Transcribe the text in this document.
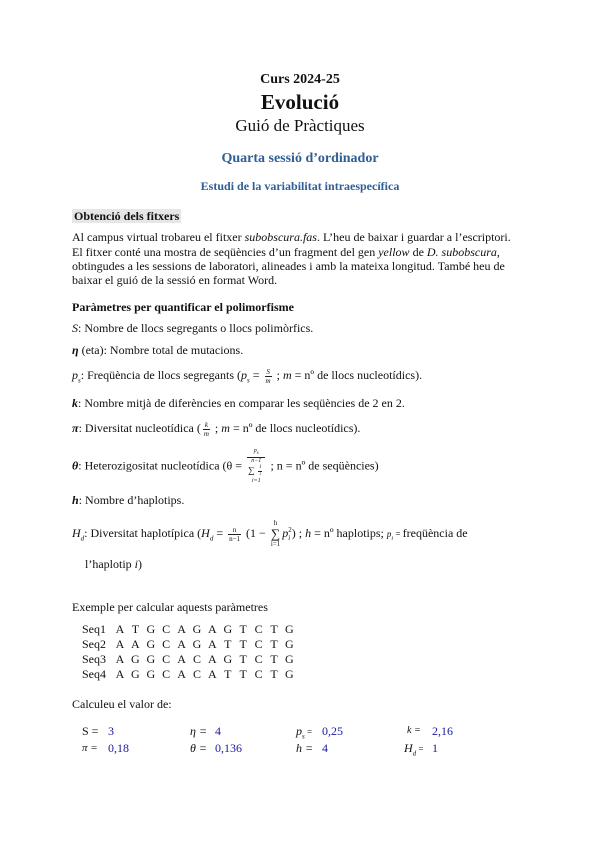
Curs 2024-25
Evolució
Guió de Pràctiques
Quarta sessió d’ordinador
Estudi de la variabilitat intraespecífica
Obtenció dels fitxers
Al campus virtual trobareu el fitxer subobscura.fas. L’heu de baixar i guardar a l’escriptori.
El fitxer conté una mostra de seqüències d’un fragment del gen yellow de D. subobscura,
obtingudes a les sessions de laboratori, alineades i amb la mateixa longitud. També heu de
baixar el guió de la sessió en format Word.
Paràmetres per quantificar el polimorfisme
S: Nombre de llocs segregants o llocs polimòrfics.
η (eta): Nombre total de mutacions.
$p_s$: Freqüència de llocs segregants ($p_s = \frac{S}{m}$ ; m = nº de llocs nucleotídics).
k: Nombre mitjà de diferències en comparar les seqüències de 2 en 2.
π: Diversitat nucleotídica ( $\frac{k}{m}$ ; m = nº de llocs nucleotídics).
θ: Heterozigositat nucleotídica ($\theta = p_s$
n−1
∑ $\frac{1}{i}$
i=1 ; n = nº de seqüències)
h: Nombre d’haplotips.
$H_d$: Diversitat haplotípica ($H_d = \frac{n}{n-1} (1$ −
h
∑
i=1
p 2
i ) ; h = nº haplotips; $p_i$ = freqüència de
l’haplotip i)
Exemple per calcular aquests paràmetres
Seq1 A T G C A G A G T C T G
Seq2 A A G C A G A T T C T G
Seq3 A G G C A C A G T C T G
Seq4 A G G C A C A T T C T G
Calculeu el valor de:
S = 3	η = 4	$p_s = 0,25$	k = 2,16
π = 0,18	θ = 0,136	h = 4	$H_d = 1$
